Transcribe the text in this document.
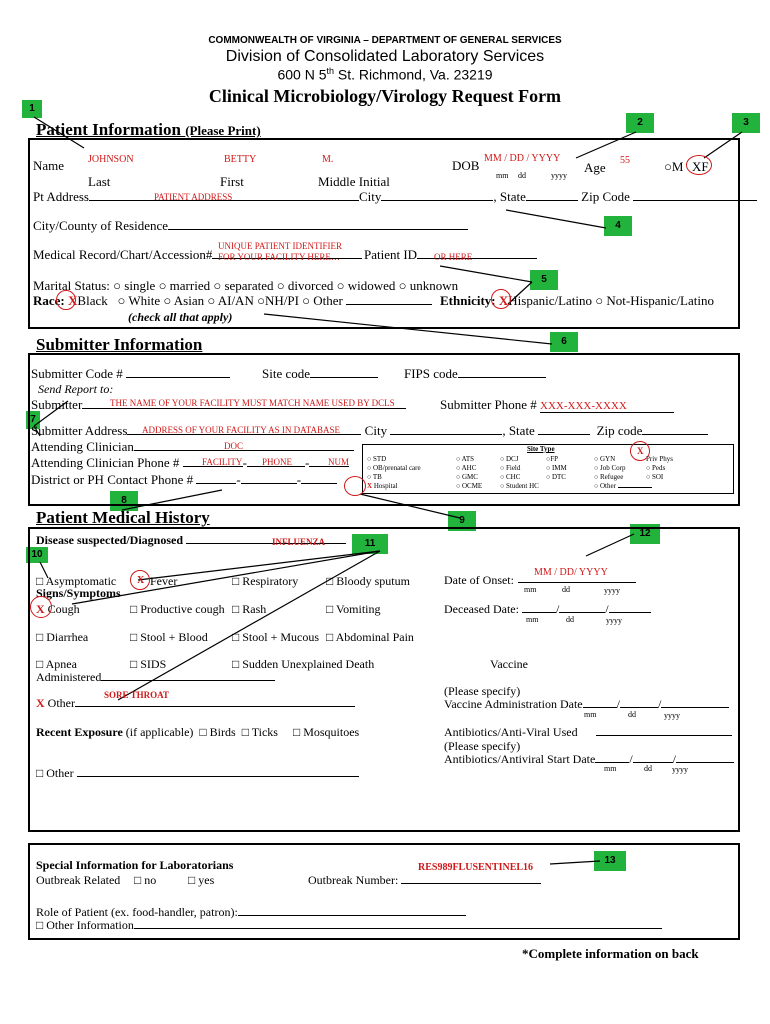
COMMONWEALTH OF VIRGINIA – DEPARTMENT OF GENERAL SERVICES
Division of Consolidated Laboratory Services
600 N 5th St. Richmond, Va. 23219
Clinical Microbiology/Virology Request Form
1
2	3
4
5
6
7
8
9
12
10
11
13
Patient Information (Please Print)
Name JOHNSON	BETTY	M.
Last	First	Middle Initial
DOB MM / DD / YYYY
mm dd	yyyy
Age 55	○M XF
Pt Address	City	, State	Zip Code
PATIENT ADDRESS
City/County of Residence
Medical Record/Chart/Accession#
UNIQUE PATIENT IDENTIFIER
FOR YOUR FACILITY HERE… Patient ID	OR HERE
Marital Status: ○ single ○ married ○ separated ○ divorced ○ widowed ○ unknown
Race: XBlack ○ White ○ Asian ○ AI/AN ○NH/PI ○ Other	Ethnicity: XHispanic/Latino ○ Not-Hispanic/Latino
(check all that apply)
Submitter Information
Submitter Code #	Site code	FIPS code
Send Report to:
Submitter	THE NAME OF YOUR FACILITY MUST MATCH NAME USED BY DCLS	Submitter Phone # XXX-XXX-XXXX
Submitter Address	City	, State	Zip code
ADDRESS OF YOUR FACILITY AS IN DATABASE
Attending Clinician	DOC
Attending Clinician Phone #	-	-
FACILITY PHONE	NUM
District or PH Contact Phone #	-	-
Site Type
○ STD
○ OB/prenatal care
○ TB
X Hospital
○ ATS
○ AHC
○ GMC
○ OCME
○ DCJ
○ Field
○ CHC
○ Student HC
○FP
○ IMM
○ DTC
○ GYN
○ Job Corp
○ Refugee
○ Other
Priv Phys
○ Peds
○ SOI
X
Patient Medical History
Disease suspected/Diagnosed	INFLUENZA
Signs/Symptoms
□ Asymptomatic X Fever	□ Respiratory □ Bloody sputum
X Cough	□ Productive cough □ Rash	□ Vomiting
□ Diarrhea	□ Stool + Blood □ Stool + Mucous □ Abdominal Pain
□ Apnea	□ SIDS	□ Sudden Unexplained Death
Administered
SORE THROAT
X Other
Recent Exposure (if applicable) □ Birds □ Ticks □ Mosquitoes
□ Other
Date of Onset:
MM / DD/ YYYY
mm	dd	yyyy
Deceased Date:	/	/
mm	dd	yyyy
Vaccine
(Please specify)
Vaccine Administration Date	/	/
mm	dd	yyyy
Antibiotics/Anti-Viral Used
(Please specify)
Antibiotics/Antiviral Start Date	/	/
mm	dd	yyyy
Special Information for Laboratorians
Outbreak Related □ no	□ yes	Outbreak Number:
RES989FLUSENTINEL16
Role of Patient (ex. food-handler, patron):
□ Other Information
*Complete information on back
